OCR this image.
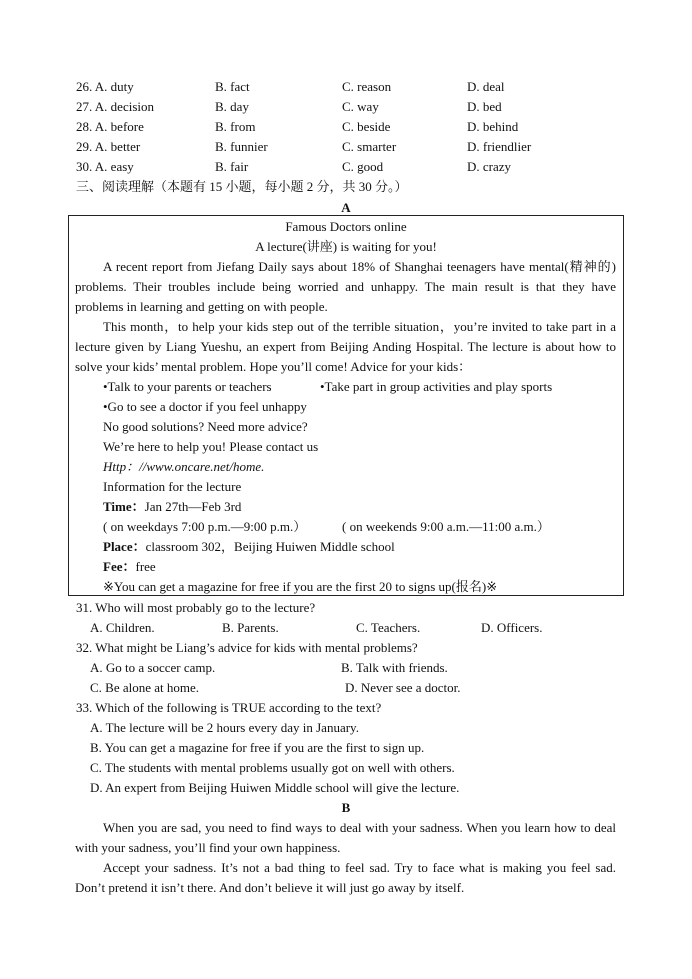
26. A. duty	B. fact	C. reason	D. deal
27. A. decision	B. day	C. way	D. bed
28. A. before	B. from	C. beside	D. behind
29. A. better	B. funnier	C. smarter	D. friendlier
30. A. easy	B. fair	C. good	D. crazy
三、阅读理解（本题有 15 小题，每小题 2 分，共 30 分。）
A
Famous Doctors online
A lecture(讲座) is waiting for you!
A recent report from Jiefang Daily says about 18% of Shanghai teenagers have mental(精神的) problems. Their troubles include being worried and unhappy. The main result is that they have problems in learning and getting on with people.
This month，to help your kids step out of the terrible situation，you’re invited to take part in a lecture given by Liang Yueshu, an expert from Beijing Anding Hospital. The lecture is about how to solve your kids’ mental problem. Hope you’ll come! Advice for your kids：
•Talk to your parents or teachers	•Take part in group activities and play sports
•Go to see a doctor if you feel unhappy
No good solutions? Need more advice?
We’re here to help you! Please contact us
Http：//www.oncare.net/home.
Information for the lecture
Time：Jan 27th—Feb 3rd
( on weekdays 7:00 p.m.—9:00 p.m.）	( on weekends 9:00 a.m.—11:00 a.m.）
Place：classroom 302，Beijing Huiwen Middle school
Fee：free
※You can get a magazine for free if you are the first 20 to signs up(报名)※
31. Who will most probably go to the lecture?
A. Children.	B. Parents.	C. Teachers.	D. Officers.
32. What might be Liang’s advice for kids with mental problems?
A. Go to a soccer camp.	B. Talk with friends.
C. Be alone at home.	D. Never see a doctor.
33. Which of the following is TRUE according to the text?
A. The lecture will be 2 hours every day in January.
B. You can get a magazine for free if you are the first to sign up.
C. The students with mental problems usually got on well with others.
D. An expert from Beijing Huiwen Middle school will give the lecture.
B
When you are sad, you need to find ways to deal with your sadness. When you learn how to deal with your sadness, you’ll find your own happiness.
Accept your sadness. It’s not a bad thing to feel sad. Try to face what is making you feel sad. Don’t pretend it isn’t there. And don’t believe it will just go away by itself.
